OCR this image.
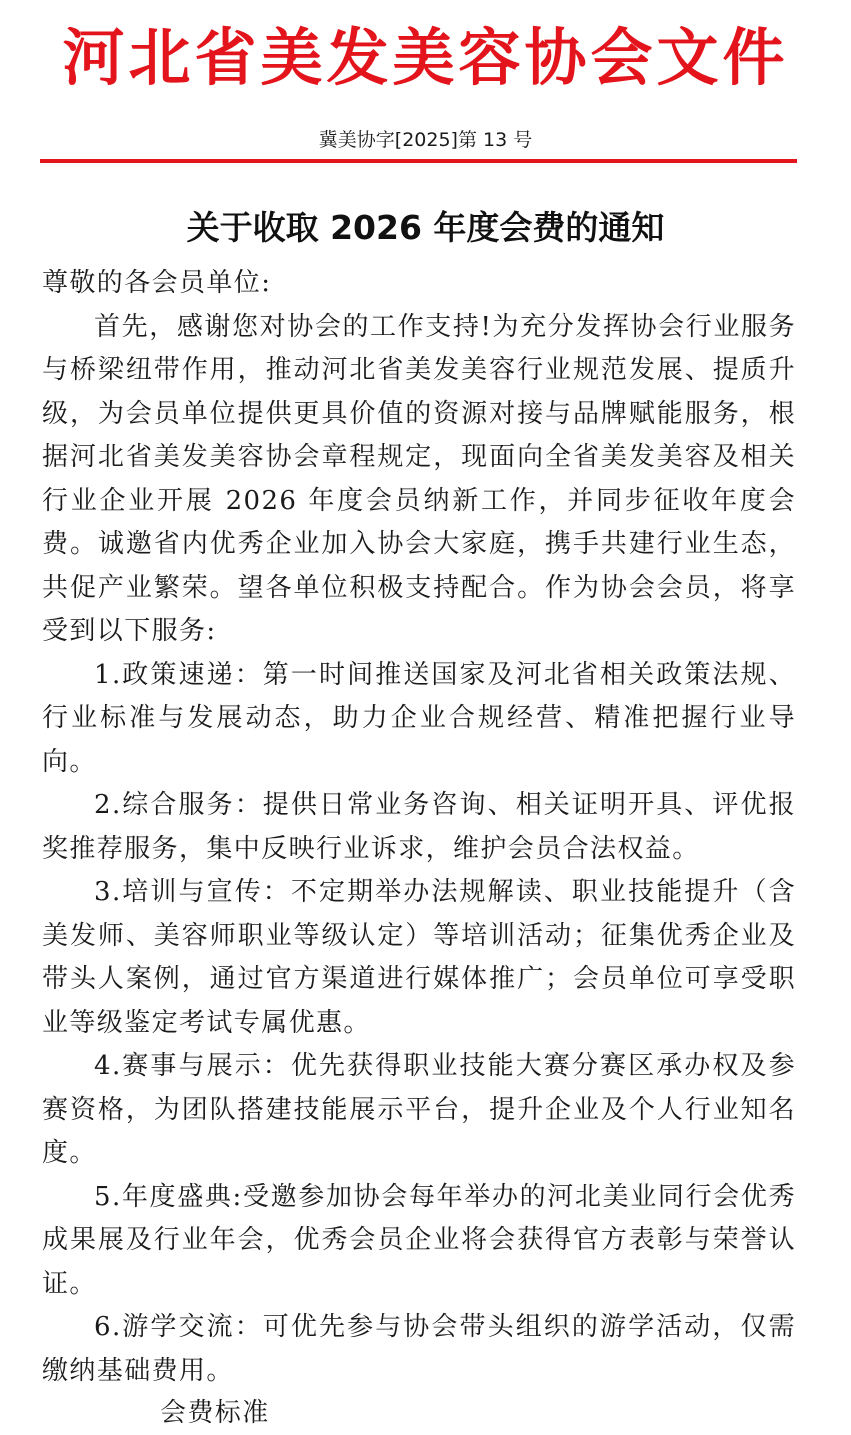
河北省美发美容协会文件
冀美协字[2025]第 13 号
关于收取 2026 年度会费的通知

尊敬的各会员单位:

首先，感谢您对协会的工作支持!为充分发挥协会行业服务与桥梁纽带作用，推动河北省美发美容行业规范发展、提质升级，为会员单位提供更具价值的资源对接与品牌赋能服务，根据河北省美发美容协会章程规定，现面向全省美发美容及相关行业企业开展 2026 年度会员纳新工作，并同步征收年度会费。诚邀省内优秀企业加入协会大家庭，携手共建行业生态，共促产业繁荣。望各单位积极支持配合。作为协会会员，将享受到以下服务:

1.政策速递：第一时间推送国家及河北省相关政策法规、行业标准与发展动态，助力企业合规经营、精准把握行业导向。

2.综合服务：提供日常业务咨询、相关证明开具、评优报奖推荐服务，集中反映行业诉求，维护会员合法权益。

3.培训与宣传：不定期举办法规解读、职业技能提升（含美发师、美容师职业等级认定）等培训活动；征集优秀企业及带头人案例，通过官方渠道进行媒体推广；会员单位可享受职业等级鉴定考试专属优惠。

4.赛事与展示：优先获得职业技能大赛分赛区承办权及参赛资格，为团队搭建技能展示平台，提升企业及个人行业知名度。

5.年度盛典:受邀参加协会每年举办的河北美业同行会优秀成果展及行业年会，优秀会员企业将会获得官方表彰与荣誉认证。

6.游学交流：可优先参与协会带头组织的游学活动，仅需缴纳基础费用。

会费标准
